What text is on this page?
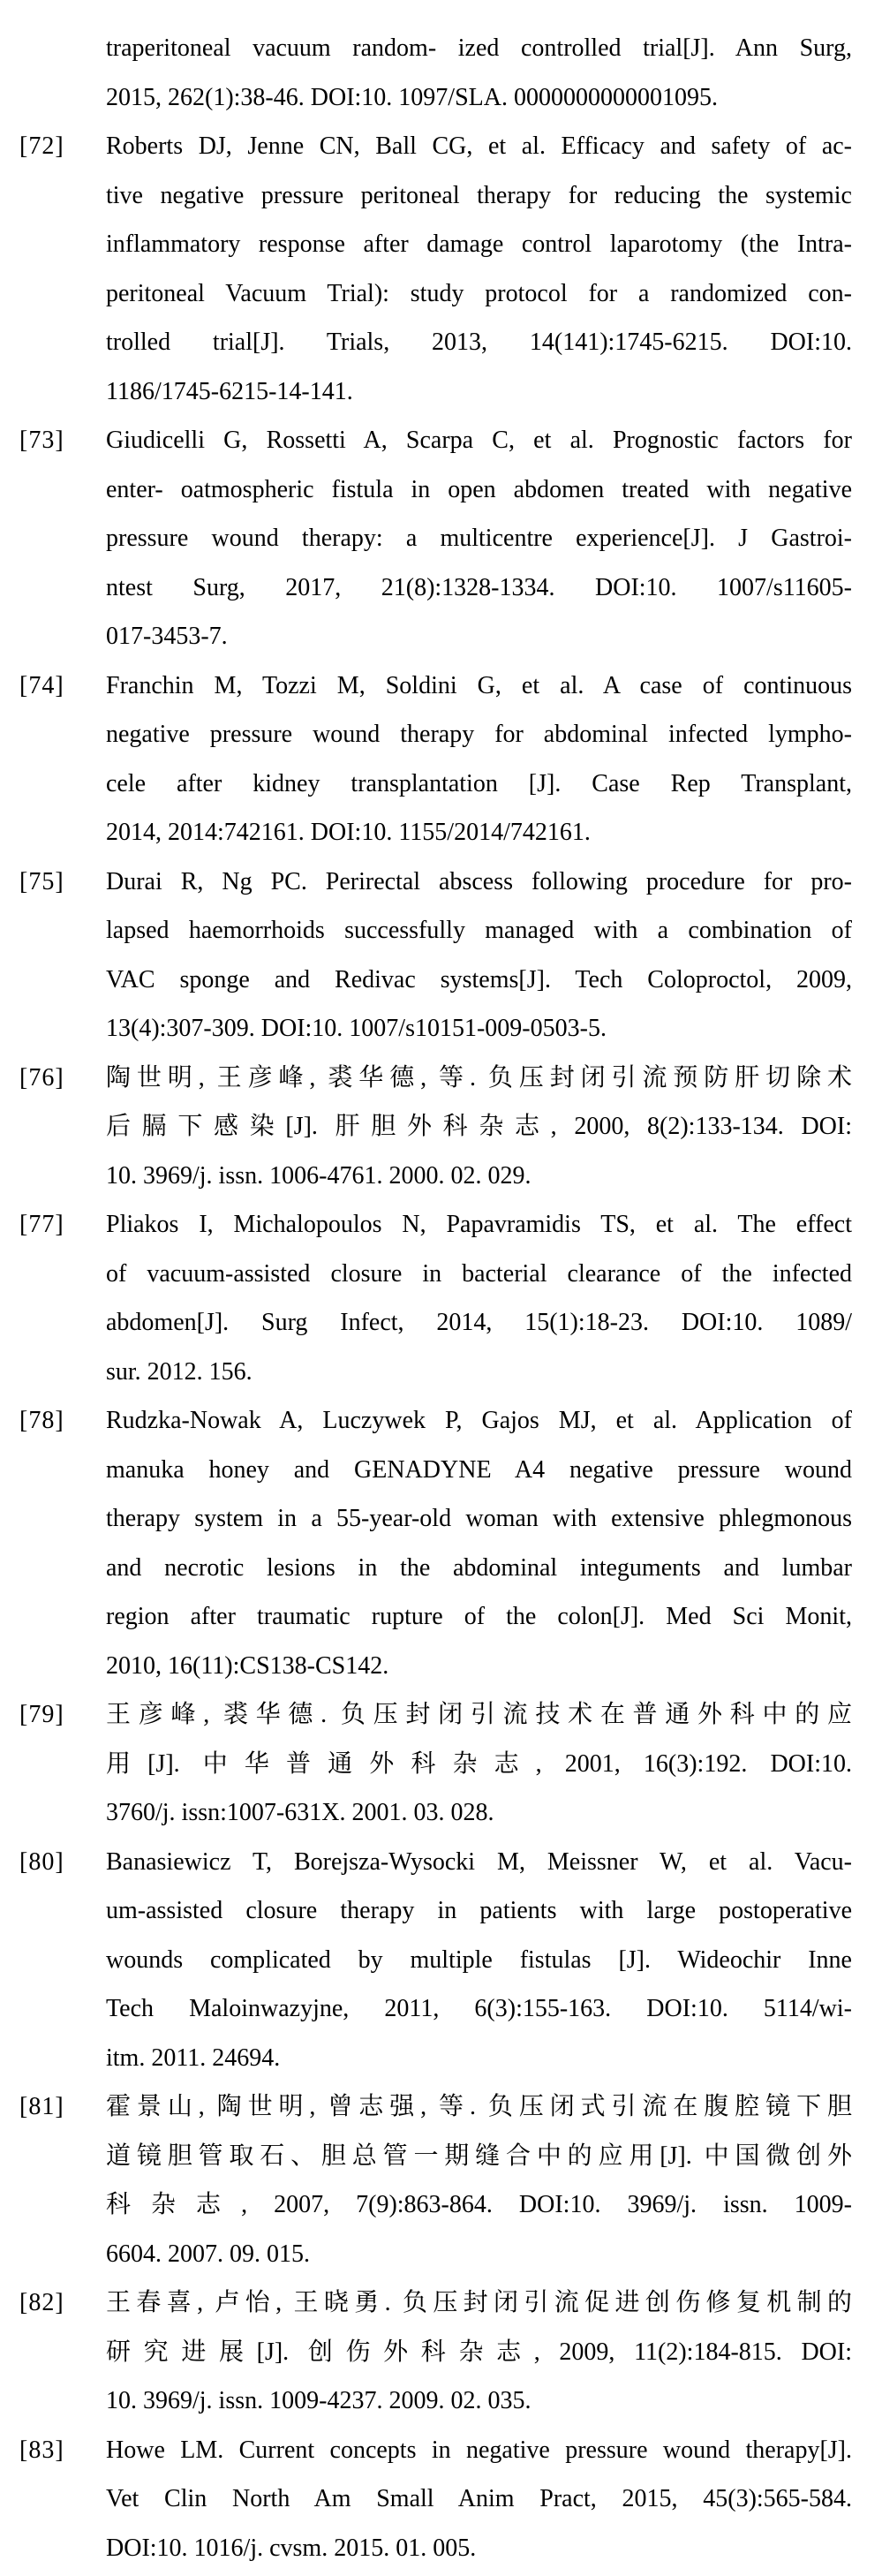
traperitoneal vacuum random- ized controlled trial[J]. Ann Surg,
2015, 262(1):38-46. DOI:10. 1097/SLA. 0000000000001095.
[72] Roberts DJ, Jenne CN, Ball CG, et al. Efficacy and safety of ac-
tive negative pressure peritoneal therapy for reducing the systemic
inflammatory response after damage control laparotomy (the Intra-
peritoneal Vacuum Trial): study protocol for a randomized con-
trolled trial[J]. Trials, 2013, 14(141):1745-6215. DOI:10.
1186/1745-6215-14-141.
[73] Giudicelli G, Rossetti A, Scarpa C, et al. Prognostic factors for
enter- oatmospheric fistula in open abdomen treated with negative
pressure wound therapy: a multicentre experience[J]. J Gastroi-
ntest Surg, 2017, 21(8):1328-1334. DOI:10. 1007/s11605-
017-3453-7.
[74] Franchin M, Tozzi M, Soldini G, et al. A case of continuous
negative pressure wound therapy for abdominal infected lympho-
cele after kidney transplantation [J]. Case Rep Transplant,
2014, 2014:742161. DOI:10. 1155/2014/742161.
[75] Durai R, Ng PC. Perirectal abscess following procedure for pro-
lapsed haemorrhoids successfully managed with a combination of
VAC sponge and Redivac systems[J]. Tech Coloproctol, 2009,
13(4):307-309. DOI:10. 1007/s10151-009-0503-5.
[76] 陶世明, 王彦峰, 裘华德, 等. 负压封闭引流预防肝切除术
后膈下感染[J]. 肝胆外科杂志, 2000, 8(2):133-134. DOI:
10. 3969/j. issn. 1006-4761. 2000. 02. 029.
[77] Pliakos I, Michalopoulos N, Papavramidis TS, et al. The effect
of vacuum-assisted closure in bacterial clearance of the infected
abdomen[J]. Surg Infect, 2014, 15(1):18-23. DOI:10. 1089/
sur. 2012. 156.
[78] Rudzka-Nowak A, Luczywek P, Gajos MJ, et al. Application of
manuka honey and GENADYNE A4 negative pressure wound
therapy system in a 55-year-old woman with extensive phlegmonous
and necrotic lesions in the abdominal integuments and lumbar
region after traumatic rupture of the colon[J]. Med Sci Monit,
2010, 16(11):CS138-CS142.
[79] 王彦峰, 裘华德. 负压封闭引流技术在普通外科中的应
用[J]. 中华普通外科杂志, 2001, 16(3):192. DOI:10.
3760/j. issn:1007-631X. 2001. 03. 028.
[80] Banasiewicz T, Borejsza-Wysocki M, Meissner W, et al. Vacu-
um-assisted closure therapy in patients with large postoperative
wounds complicated by multiple fistulas [J]. Wideochir Inne
Tech Maloinwazyjne, 2011, 6(3):155-163. DOI:10. 5114/wi-
itm. 2011. 24694.
[81] 霍景山, 陶世明, 曾志强, 等. 负压闭式引流在腹腔镜下胆
道镜胆管取石、胆总管一期缝合中的应用[J]. 中国微创外
科杂志, 2007, 7(9):863-864. DOI:10. 3969/j. issn. 1009-
6604. 2007. 09. 015.
[82] 王春喜, 卢怡, 王晓勇. 负压封闭引流促进创伤修复机制的
研究进展[J]. 创伤外科杂志, 2009, 11(2):184-815. DOI:
10. 3969/j. issn. 1009-4237. 2009. 02. 035.
[83] Howe LM. Current concepts in negative pressure wound therapy[J].
Vet Clin North Am Small Anim Pract, 2015, 45(3):565-584.
DOI:10. 1016/j. cvsm. 2015. 01. 005.
